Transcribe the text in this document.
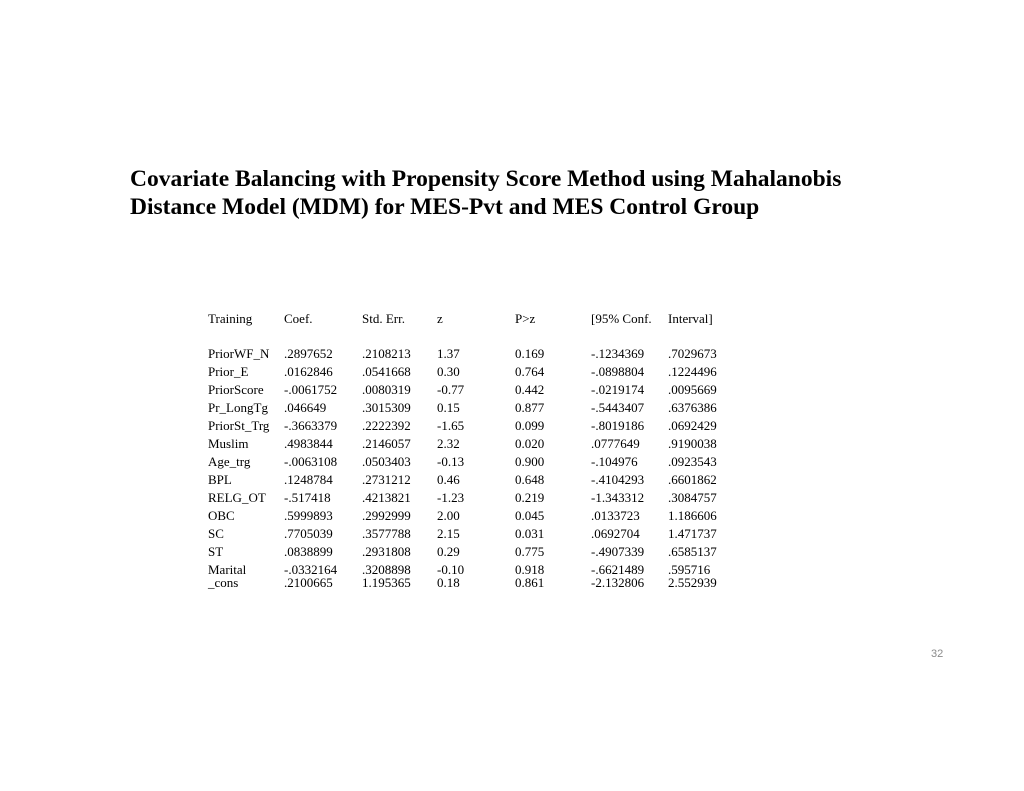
Covariate Balancing with Propensity Score Method using Mahalanobis
Distance Model (MDM) for MES-Pvt and MES Control Group
Training Coef.	Std. Err. z	P>z	[95% Conf. Interval]
PriorWF_N .2897652 .2108213 1.37	0.169	-.1234369 .7029673
Prior_E	.0162846 .0541668 0.30	0.764	-.0898804 .1224496
PriorScore -.0061752 .0080319 -0.77	0.442	-.0219174 .0095669
Pr_LongTg .046649	.3015309 0.15	0.877	-.5443407 .6376386
PriorSt_Trg -.3663379 .2222392 -1.65	0.099	-.8019186 .0692429
Muslim	.4983844 .2146057 2.32	0.020	.0777649 .9190038
Age_trg	-.0063108 .0503403 -0.13	0.900	-.104976 .0923543
BPL	.1248784 .2731212 0.46	0.648	-.4104293 .6601862
RELG_OT -.517418 .4213821 -1.23	0.219	-1.343312 .3084757
OBC	.5999893 .2992999 2.00	0.045	.0133723 1.186606
SC	.7705039 .3577788 2.15	0.031	.0692704 1.471737
ST	.0838899 .2931808 0.29	0.775	-.4907339 .6585137
Marital	-.0332164 .3208898 -0.10	0.918	-.6621489 .595716
_cons	.2100665 1.195365 0.18	0.861	-2.132806 2.552939
32
